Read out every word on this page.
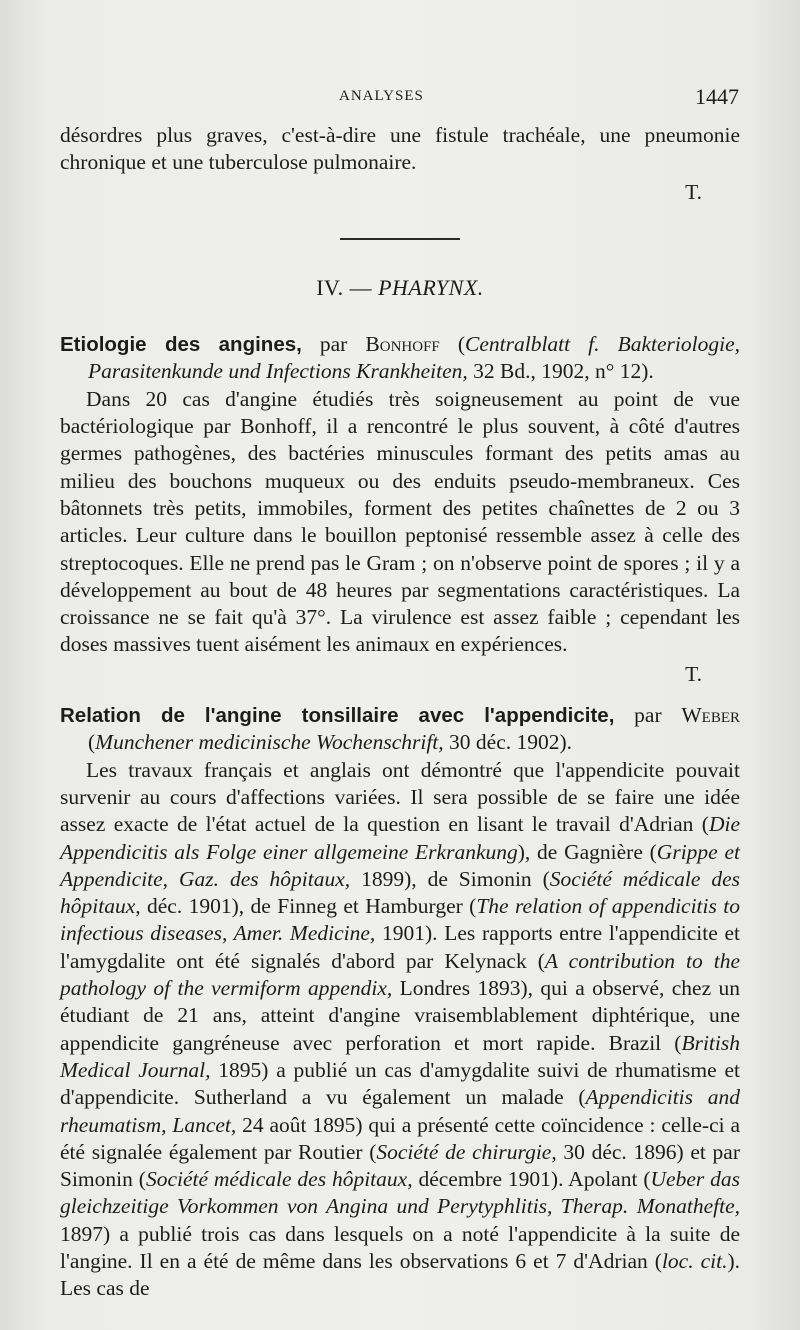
ANALYSES	1447

désordres plus graves, c'est-à-dire une fistule trachéale, une pneumonie chronique et une tuberculose pulmonaire.

T.

IV. — PHARYNX.

Etiologie des angines, par Bonhoff (Centralblatt f. Bakteriologie, Parasitenkunde und Infections Krankheiten, 32 Bd., 1902, n° 12).

Dans 20 cas d'angine étudiés très soigneusement au point de vue bactériologique par Bonhoff, il a rencontré le plus souvent, à côté d'autres germes pathogènes, des bactéries minuscules formant des petits amas au milieu des bouchons muqueux ou des enduits pseudo-membraneux. Ces bâtonnets très petits, immobiles, forment des petites chaînettes de 2 ou 3 articles. Leur culture dans le bouillon peptonisé ressemble assez à celle des streptocoques. Elle ne prend pas le Gram ; on n'observe point de spores ; il y a développement au bout de 48 heures par segmentations caractéristiques. La croissance ne se fait qu'à 37°. La virulence est assez faible ; cependant les doses massives tuent aisément les animaux en expériences.

T.

Relation de l'angine tonsillaire avec l'appendicite, par Weber (Munchener medicinische Wochenschrift, 30 déc. 1902).

Les travaux français et anglais ont démontré que l'appendicite pouvait survenir au cours d'affections variées. Il sera possible de se faire une idée assez exacte de l'état actuel de la question en lisant le travail d'Adrian (Die Appendicitis als Folge einer allgemeine Erkrankung), de Gagnière (Grippe et Appendicite, Gaz. des hôpitaux, 1899), de Simonin (Société médicale des hôpitaux, déc. 1901), de Finneg et Hamburger (The relation of appendicitis to infectious diseases, Amer. Medicine, 1901). Les rapports entre l'appendicite et l'amygdalite ont été signalés d'abord par Kelynack (A contribution to the pathology of the vermiform appendix, Londres 1893), qui a observé, chez un étudiant de 21 ans, atteint d'angine vraisemblablement diphtérique, une appendicite gangréneuse avec perforation et mort rapide. Brazil (British Medical Journal, 1895) a publié un cas d'amygdalite suivi de rhumatisme et d'appendicite. Sutherland a vu également un malade (Appendicitis and rheumatism, Lancet, 24 août 1895) qui a présenté cette coïncidence : celle-ci a été signalée également par Routier (Société de chirurgie, 30 déc. 1896) et par Simonin (Société médicale des hôpitaux, décembre 1901). Apolant (Ueber das gleichzeitige Vorkommen von Angina und Perytyphlitis, Therap. Monathefte, 1897) a publié trois cas dans lesquels on a noté l'appendicite à la suite de l'angine. Il en a été de même dans les observations 6 et 7 d'Adrian (loc. cit.). Les cas de
